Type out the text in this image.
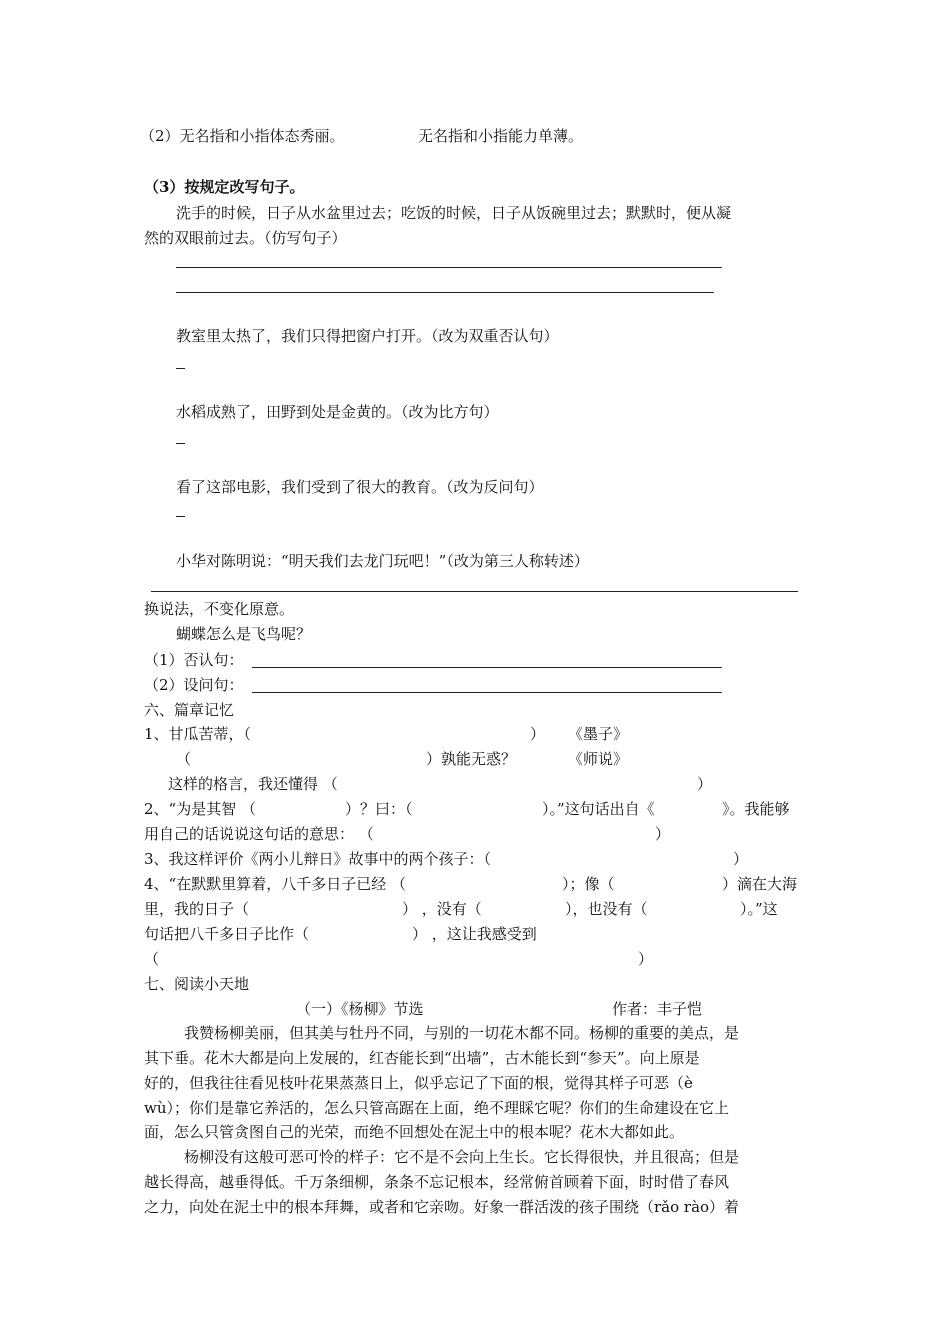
（2）无名指和小指体态秀丽。	无名指和小指能力单薄。
（3）按规定改写句子。
洗手的时候，日子从水盆里过去；吃饭的时候，日子从饭碗里过去；默默时，便从凝
然的双眼前过去。（仿写句子）
教室里太热了，我们只得把窗户打开。（改为双重否认句）
水稻成熟了，田野到处是金黄的。（改为比方句）
看了这部电影，我们受到了很大的教育。（改为反问句）
小华对陈明说：“明天我们去龙门玩吧！”（改为第三人称转述）
换说法，不变化原意。
蝴蝶怎么是飞鸟呢？
（1）否认句：
（2）设问句：
六、篇章记忆
1、甘瓜苦蒂，（	） 《墨子》
（	）孰能无惑？	《师说》
这样的格言，我还懂得 （	）
2、“为是其智 （	）？曰：（	）。”这句话出自《	》。我能够
用自己的话说说这句话的意思： （	）
3、我这样评价《两小儿辩日》故事中的两个孩子：（	）
4、“在默默里算着，八千多日子已经 （	）；像（	）滴在大海
里，我的日子（	） ，没有（	），也没有（	）。”这
句话把八千多日子比作（	） ，这让我感受到
（	）
七、阅读小天地
（一）《杨柳》节选	作者：丰子恺
我赞杨柳美丽，但其美与牡丹不同，与别的一切花木都不同。杨柳的重要的美点，是
其下垂。花木大都是向上发展的，红杏能长到“出墙”，古木能长到“参天”。向上原是
好的，但我往往看见枝叶花果蒸蒸日上，似乎忘记了下面的根，觉得其样子可恶（è
wù）；你们是靠它养活的，怎么只管高踞在上面，绝不理睬它呢？你们的生命建设在它上
面，怎么只管贪图自己的光荣，而绝不回想处在泥土中的根本呢？花木大都如此。
杨柳没有这般可恶可怜的样子：它不是不会向上生长。它长得很快，并且很高；但是
越长得高，越垂得低。千万条细柳，条条不忘记根本，经常俯首顾着下面，时时借了春风
之力，向处在泥土中的根本拜舞，或者和它亲吻。好象一群活泼的孩子围绕（rǎo rào）着
